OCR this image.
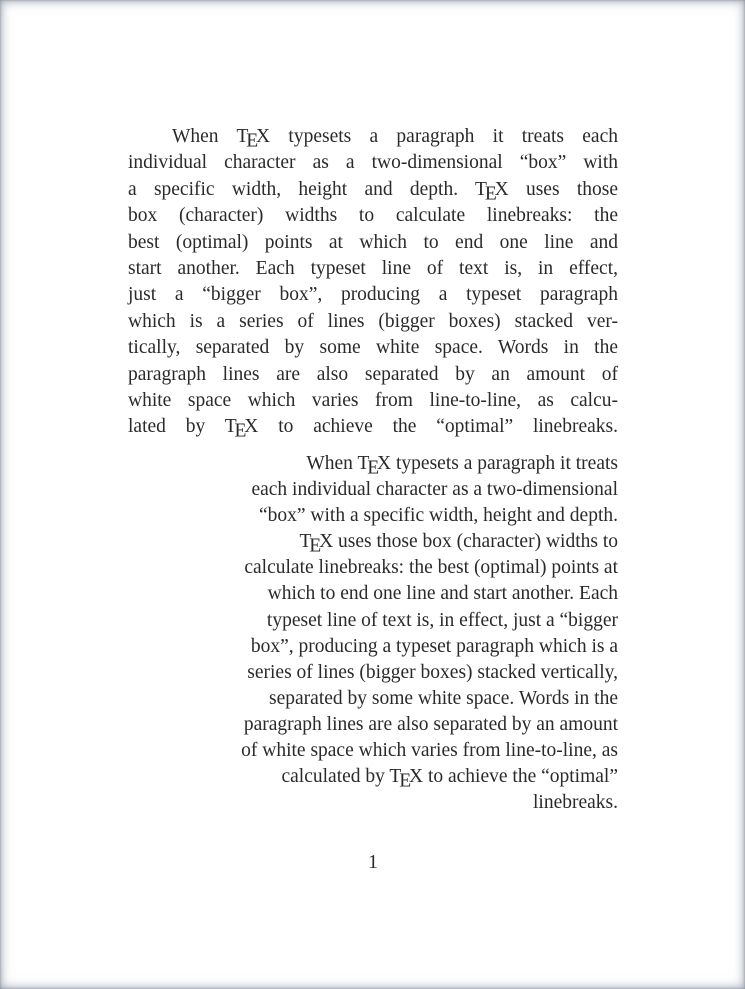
When TEX typesets a paragraph it treats each
individual character as a two-dimensional “box” with
a specific width, height and depth. TEX uses those
box (character) widths to calculate linebreaks: the
best (optimal) points at which to end one line and
start another. Each typeset line of text is, in effect,
just a “bigger box”, producing a typeset paragraph
which is a series of lines (bigger boxes) stacked ver-
tically, separated by some white space. Words in the
paragraph lines are also separated by an amount of
white space which varies from line-to-line, as calcu-
lated by TEX to achieve the “optimal” linebreaks.
When TEX typesets a paragraph it treats
each individual character as a two-dimensional
“box” with a specific width, height and depth.
TEX uses those box (character) widths to
calculate linebreaks: the best (optimal) points at
which to end one line and start another. Each
typeset line of text is, in effect, just a “bigger
box”, producing a typeset paragraph which is a
series of lines (bigger boxes) stacked vertically,
separated by some white space. Words in the
paragraph lines are also separated by an amount
of white space which varies from line-to-line, as
calculated by TEX to achieve the “optimal”
linebreaks.
1
